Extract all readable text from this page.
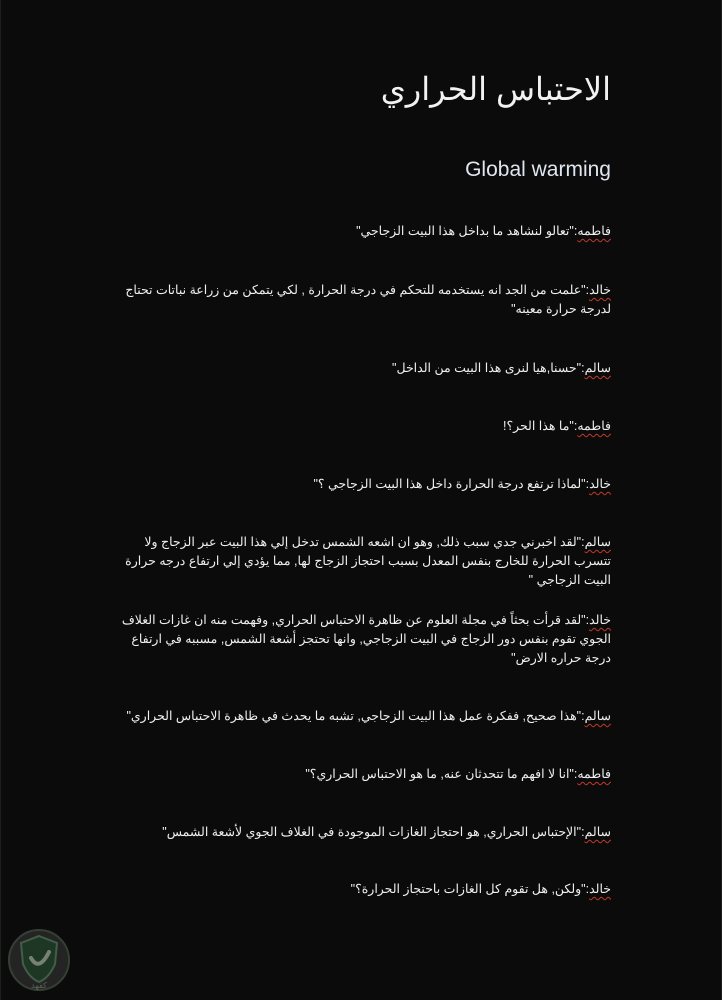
الاحتباس الحراري
Global warming

فاطمه:"تعالو لنشاهد ما بداخل هذا البيت الزجاجي"

خالد:"علمت من الجد انه يستخدمه للتحكم في درجة الحرارة , لكي يتمكن من زراعة نباتات تحتاج لدرجة حرارة معينه"

سالم:"حسنا,هيا لنرى هذا البيت من الداخل"

فاطمه:"ما هذا الحر؟!

خالد:"لماذا ترتفع درجة الحرارة داخل هذا البيت الزجاجي ؟"

سالم:"لقد اخبرني جدي سبب ذلك, وهو ان اشعه الشمس تدخل إلي هذا البيت عبر الزجاج ولا تتسرب الحرارة للخارج بنفس المعدل بسبب احتجاز الزجاج لها, مما يؤدي إلي ارتفاع درجه حرارة البيت الزجاجي "

خالد:"لقد قرأت بحثاً في مجلة العلوم عن ظاهرة الاحتباس الحراري, وفهمت منه ان غازات الغلاف الجوي تقوم بنفس دور الزجاج في البيت الزجاجي, وانها تحتجز أشعة الشمس, مسببه في ارتفاع درجة حراره الارض"

سالم:"هذا صحيح, ففكرة عمل هذا البيت الزجاجي, تشبه ما يحدث في ظاهرة الاحتباس الحراري"

فاطمه:"انا لا افهم ما تتحدثان عنه, ما هو الاحتباس الحراري؟"

سالم:"الإحتباس الحراري, هو احتجاز الغازات الموجودة في الغلاف الجوي لأشعة الشمس"

خالد:"ولكن, هل تقوم كل الغازات باحتجاز الحرارة؟"

كفهد
